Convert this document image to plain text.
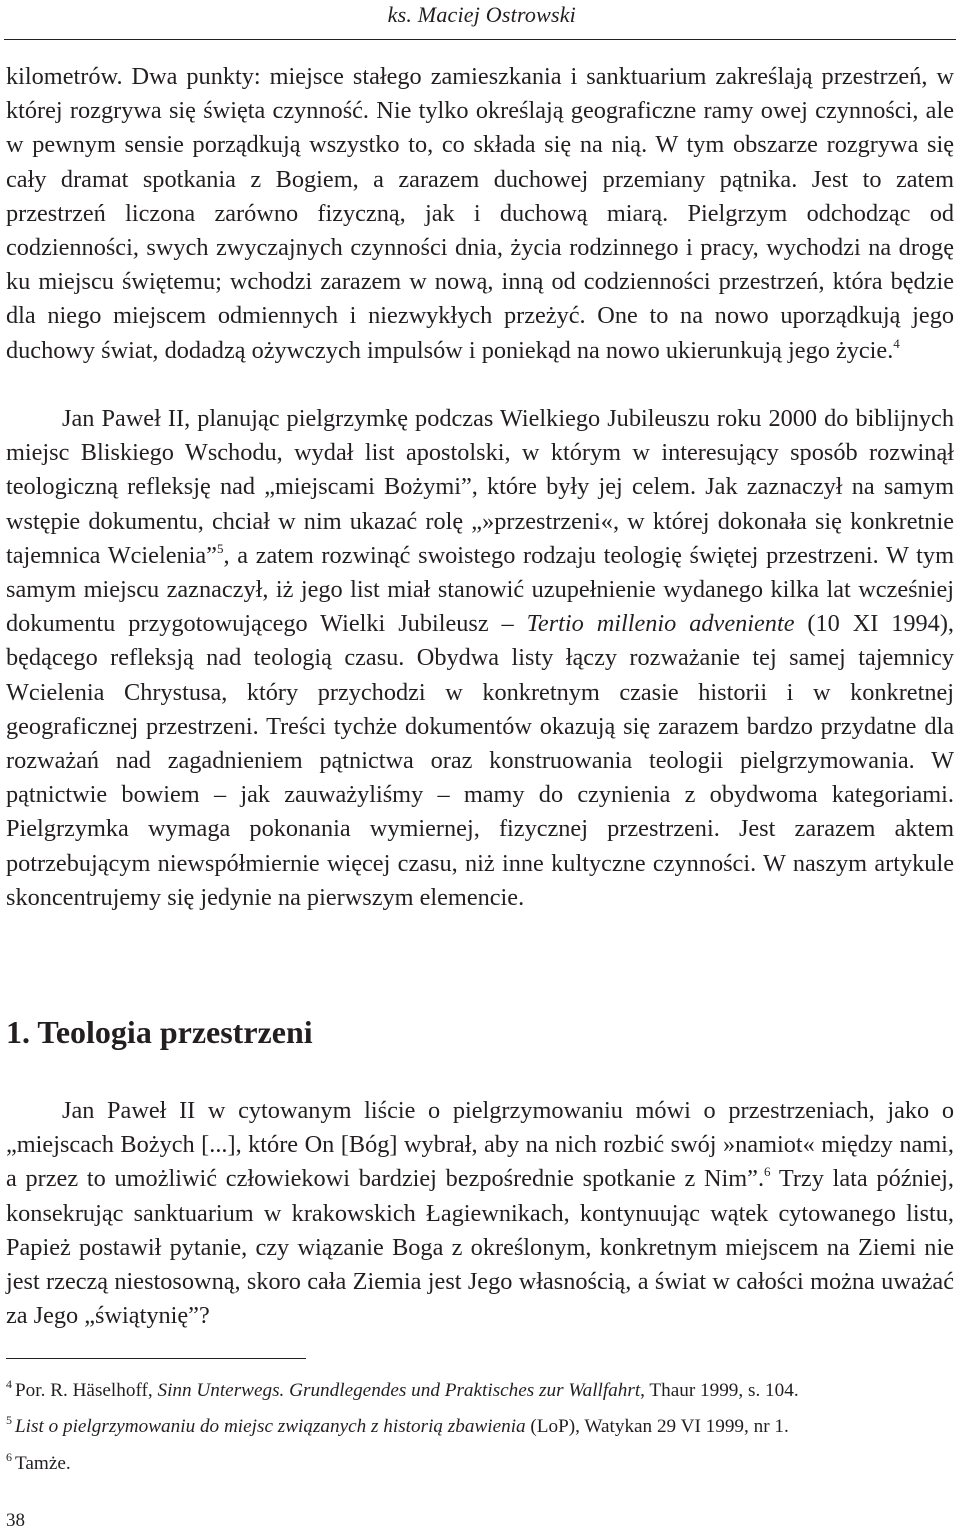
ks. Maciej Ostrowski

kilometrów. Dwa punkty: miejsce stałego zamieszkania i sanktuarium zakreślają przestrzeń, w której rozgrywa się święta czynność. Nie tylko określają geograficzne ramy owej czynności, ale w pewnym sensie porządkują wszystko to, co składa się na nią. W tym obszarze rozgrywa się cały dramat spotkania z Bogiem, a zarazem duchowej przemiany pątnika. Jest to zatem przestrzeń liczona zarówno fizyczną, jak i duchową miarą. Pielgrzym odchodząc od codzienności, swych zwyczajnych czynności dnia, życia rodzinnego i pracy, wychodzi na drogę ku miejscu świętemu; wchodzi zarazem w nową, inną od codzienności przestrzeń, która będzie dla niego miejscem odmiennych i niezwykłych przeżyć. One to na nowo uporządkują jego duchowy świat, dodadzą ożywczych impulsów i poniekąd na nowo ukierunkują jego życie.$^4$

Jan Paweł II, planując pielgrzymkę podczas Wielkiego Jubileuszu roku 2000 do biblijnych miejsc Bliskiego Wschodu, wydał list apostolski, w którym w interesujący sposób rozwinął teologiczną refleksję nad „miejscami Bożymi”, które były jej celem. Jak zaznaczył na samym wstępie dokumentu, chciał w nim ukazać rolę „»przestrzeni«, w której dokonała się konkretnie tajemnica Wcielenia”$^5$, a zatem rozwinąć swoistego rodzaju teologię świętej przestrzeni. W tym samym miejscu zaznaczył, iż jego list miał stanowić uzupełnienie wydanego kilka lat wcześniej dokumentu przygotowującego Wielki Jubileusz – Tertio millenio adveniente (10 XI 1994), będącego refleksją nad teologią czasu. Obydwa listy łączy rozważanie tej samej tajemnicy Wcielenia Chrystusa, który przychodzi w konkretnym czasie historii i w konkretnej geograficznej przestrzeni. Treści tychże dokumentów okazują się zarazem bardzo przydatne dla rozważań nad zagadnieniem pątnictwa oraz konstruowania teologii pielgrzymowania. W pątnictwie bowiem – jak zauważyliśmy – mamy do czynienia z obydwoma kategoriami. Pielgrzymka wymaga pokonania wymiernej, fizycznej przestrzeni. Jest zarazem aktem potrzebującym niewspółmiernie więcej czasu, niż inne kultyczne czynności. W naszym artykule skoncentrujemy się jedynie na pierwszym elemencie.

1. Teologia przestrzeni

Jan Paweł II w cytowanym liście o pielgrzymowaniu mówi o przestrzeniach, jako o „miejscach Bożych [...], które On [Bóg] wybrał, aby na nich rozbić swój »namiot« między nami, a przez to umożliwić człowiekowi bardziej bezpośrednie spotkanie z Nim”.$^6$ Trzy lata później, konsekrując sanktuarium w krakowskich Łagiewnikach, kontynuując wątek cytowanego listu, Papież postawił pytanie, czy wiązanie Boga z określonym, konkretnym miejscem na Ziemi nie jest rzeczą niestosowną, skoro cała Ziemia jest Jego własnością, a świat w całości można uważać za Jego „świątynię”?

$^4$ Por. R. Häselhoff, Sinn Unterwegs. Grundlegendes und Praktisches zur Wallfahrt, Thaur 1999, s. 104.
$^5$ List o pielgrzymowaniu do miejsc związanych z historią zbawienia (LoP), Watykan 29 VI 1999, nr 1.
$^6$ Tamże.
38
